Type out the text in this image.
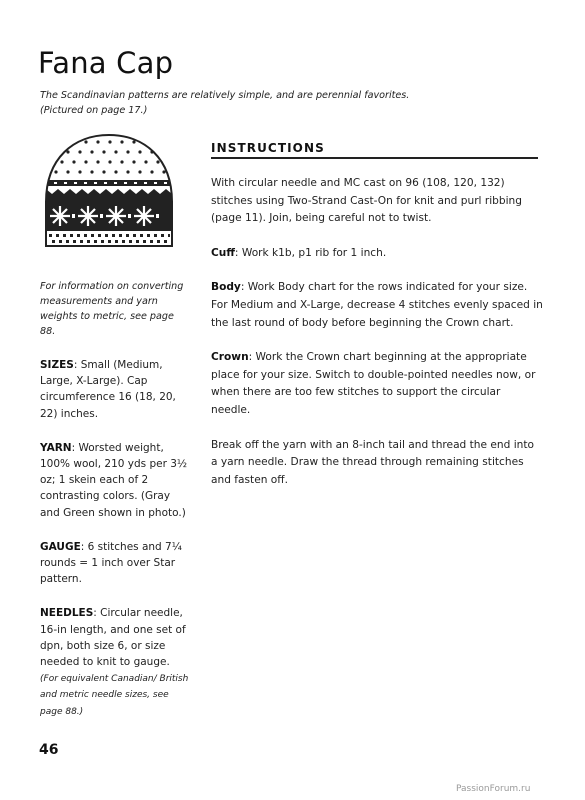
Fana Cap
The Scandinavian patterns are relatively simple, and are perennial favorites.
(Pictured on page 17.)

For information on converting measurements and yarn weights to metric, see page 88.

SIZES: Small (Medium, Large, X-Large). Cap circumference 16 (18, 20, 22) inches.

YARN: Worsted weight, 100% wool, 210 yds per 3½ oz; 1 skein each of 2 contrasting colors. (Gray and Green shown in photo.)

GAUGE: 6 stitches and 7¼ rounds = 1 inch over Star pattern.

NEEDLES: Circular needle, 16-in length, and one set of dpn, both size 6, or size needed to knit to gauge.
(For equivalent Canadian/ British and metric needle sizes, see page 88.)

INSTRUCTIONS

With circular needle and MC cast on 96 (108, 120, 132) stitches using Two-Strand Cast-On for knit and purl ribbing (page 11). Join, being careful not to twist.

Cuff: Work k1b, p1 rib for 1 inch.

Body: Work Body chart for the rows indicated for your size. For Medium and X-Large, decrease 4 stitches evenly spaced in the last round of body before beginning the Crown chart.

Crown: Work the Crown chart beginning at the appropriate place for your size. Switch to double-pointed needles now, or when there are too few stitches to support the circular needle.

Break off the yarn with an 8-inch tail and thread the end into a yarn needle. Draw the thread through remaining stitches and fasten off.

46
PassionForum.ru
